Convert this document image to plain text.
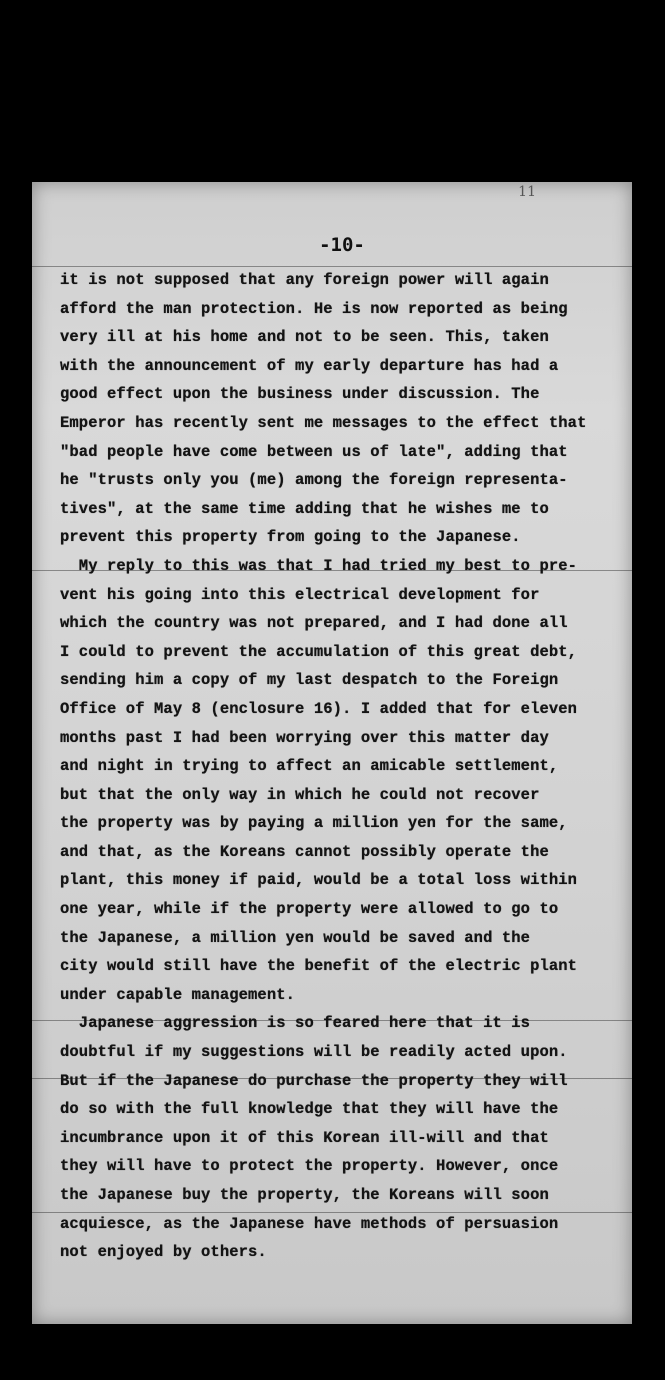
11
-10-
it is not supposed that any foreign power will again
afford the man protection. He is now reported as being
very ill at his home and not to be seen. This, taken
with the announcement of my early departure has had a
good effect upon the business under discussion. The
Emperor has recently sent me messages to the effect that
"bad people have come between us of late", adding that
he "trusts only you (me) among the foreign representa-
tives", at the same time adding that he wishes me to
prevent this property from going to the Japanese.
My reply to this was that I had tried my best to pre-
vent his going into this electrical development for
which the country was not prepared, and I had done all
I could to prevent the accumulation of this great debt,
sending him a copy of my last despatch to the Foreign
Office of May 8 (enclosure 16). I added that for eleven
months past I had been worrying over this matter day
and night in trying to affect an amicable settlement,
but that the only way in which he could not recover
the property was by paying a million yen for the same,
and that, as the Koreans cannot possibly operate the
plant, this money if paid, would be a total loss within
one year, while if the property were allowed to go to
the Japanese, a million yen would be saved and the
city would still have the benefit of the electric plant
under capable management.
Japanese aggression is so feared here that it is
doubtful if my suggestions will be readily acted upon.
But if the Japanese do purchase the property they will
do so with the full knowledge that they will have the
incumbrance upon it of this Korean ill-will and that
they will have to protect the property. However, once
the Japanese buy the property, the Koreans will soon
acquiesce, as the Japanese have methods of persuasion
not enjoyed by others.
